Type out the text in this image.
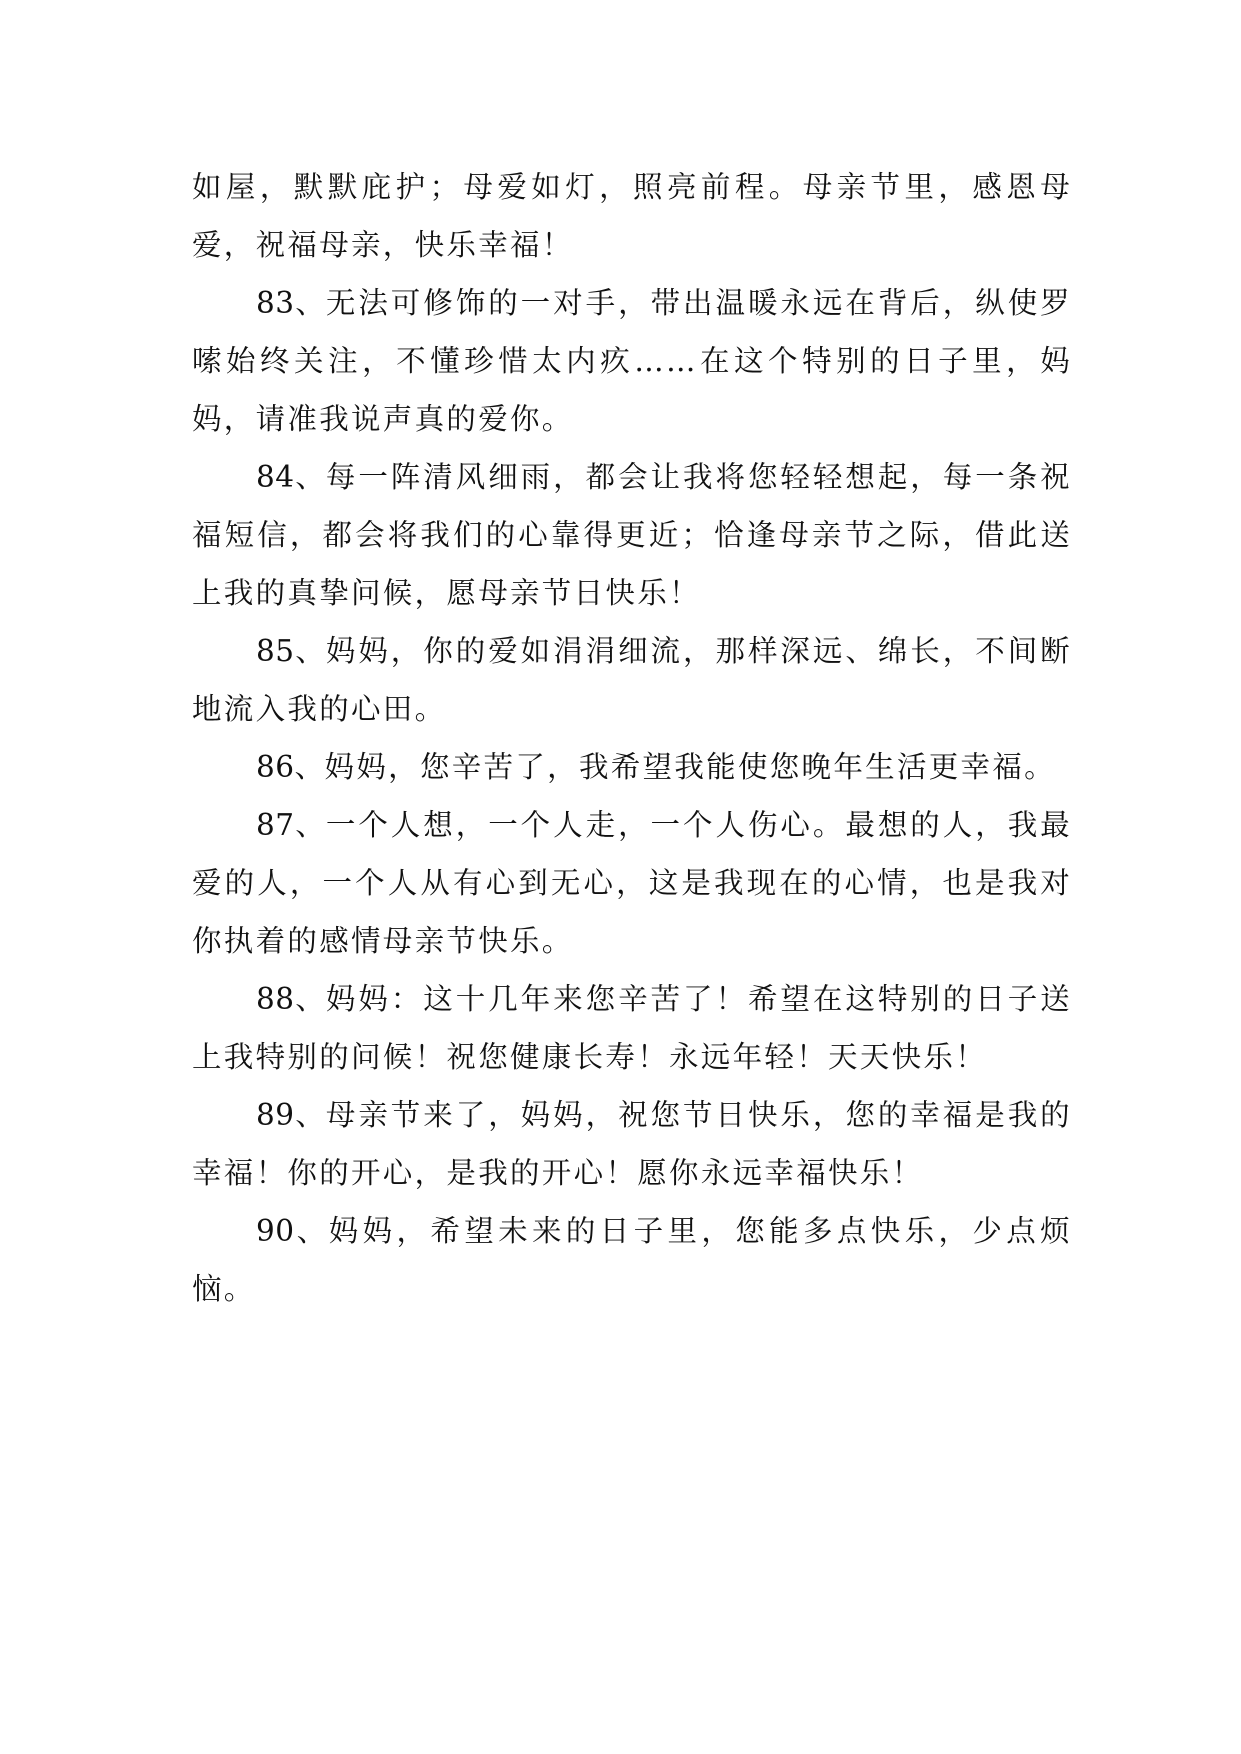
如屋，默默庇护；母爱如灯，照亮前程。母亲节里，感恩母爱，祝福母亲，快乐幸福！

83、无法可修饰的一对手，带出温暖永远在背后，纵使罗嗦始终关注，不懂珍惜太内疚……在这个特别的日子里，妈妈，请准我说声真的爱你。

84、每一阵清风细雨，都会让我将您轻轻想起，每一条祝福短信，都会将我们的心靠得更近；恰逢母亲节之际，借此送上我的真挚问候，愿母亲节日快乐！

85、妈妈，你的爱如涓涓细流，那样深远、绵长，不间断地流入我的心田。

86、妈妈，您辛苦了，我希望我能使您晚年生活更幸福。

87、一个人想，一个人走，一个人伤心。最想的人，我最爱的人，一个人从有心到无心，这是我现在的心情，也是我对你执着的感情母亲节快乐。

88、妈妈：这十几年来您辛苦了！希望在这特别的日子送上我特别的问候！祝您健康长寿！永远年轻！天天快乐！

89、母亲节来了，妈妈，祝您节日快乐，您的幸福是我的幸福！你的开心，是我的开心！愿你永远幸福快乐！

90、妈妈，希望未来的日子里，您能多点快乐，少点烦恼。
